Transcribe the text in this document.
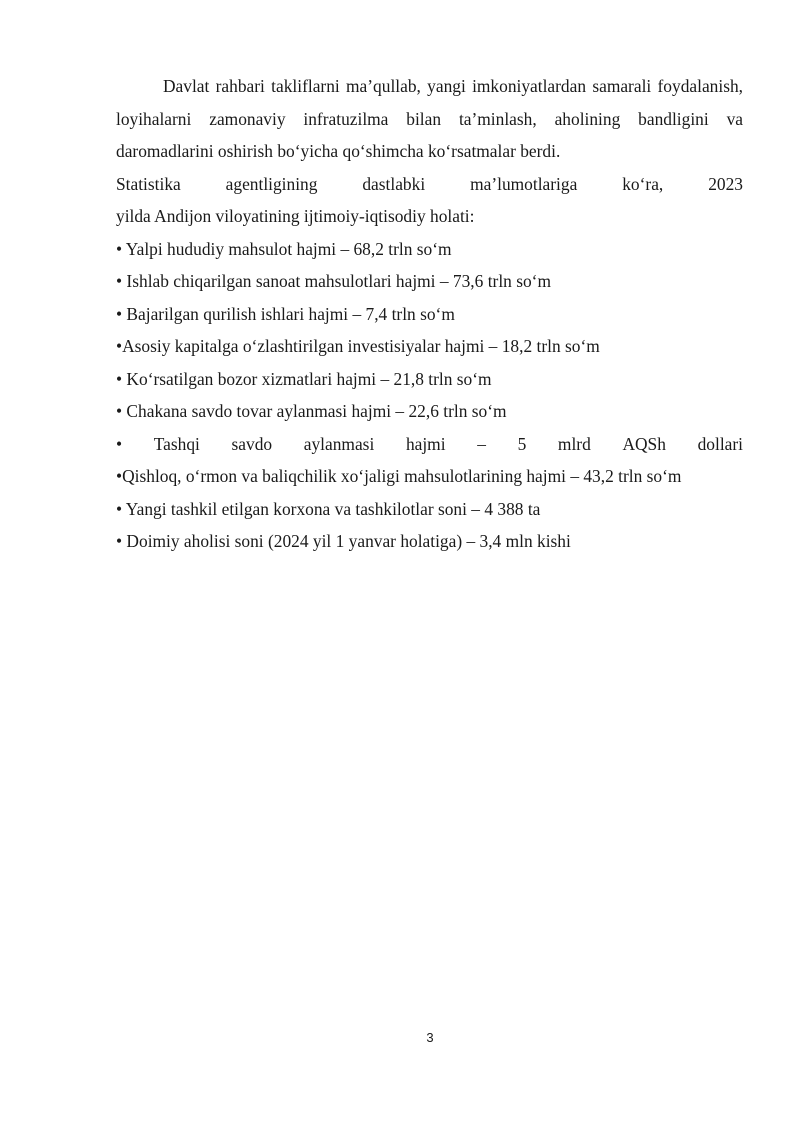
Davlat rahbari takliflarni ma’qullab, yangi imkoniyatlardan samarali foydalanish, loyihalarni zamonaviy infratuzilma bilan ta’minlash, aholining bandligini va daromadlarini oshirish bo‘yicha qo‘shimcha ko‘rsatmalar berdi.

Statistika	agentligining	dastlabki	ma’lumotlariga	ko‘ra,	2023
yilda Andijon viloyatining ijtimoiy-iqtisodiy holati:
• Yalpi hududiy mahsulot hajmi – 68,2 trln so‘m
• Ishlab chiqarilgan sanoat mahsulotlari hajmi – 73,6 trln so‘m
• Bajarilgan qurilish ishlari hajmi – 7,4 trln so‘m
•Asosiy kapitalga o‘zlashtirilgan investisiyalar hajmi – 18,2 trln so‘m
• Ko‘rsatilgan bozor xizmatlari hajmi – 21,8 trln so‘m
• Chakana savdo tovar aylanmasi hajmi – 22,6 trln so‘m
• Tashqi savdo aylanmasi hajmi – 5 mlrd AQSh dollari
•Qishloq, o‘rmon va baliqchilik xo‘jaligi mahsulotlarining hajmi – 43,2 trln so‘m
• Yangi tashkil etilgan korxona va tashkilotlar soni – 4 388 ta
• Doimiy aholisi soni (2024 yil 1 yanvar holatiga) – 3,4 mln kishi
3
